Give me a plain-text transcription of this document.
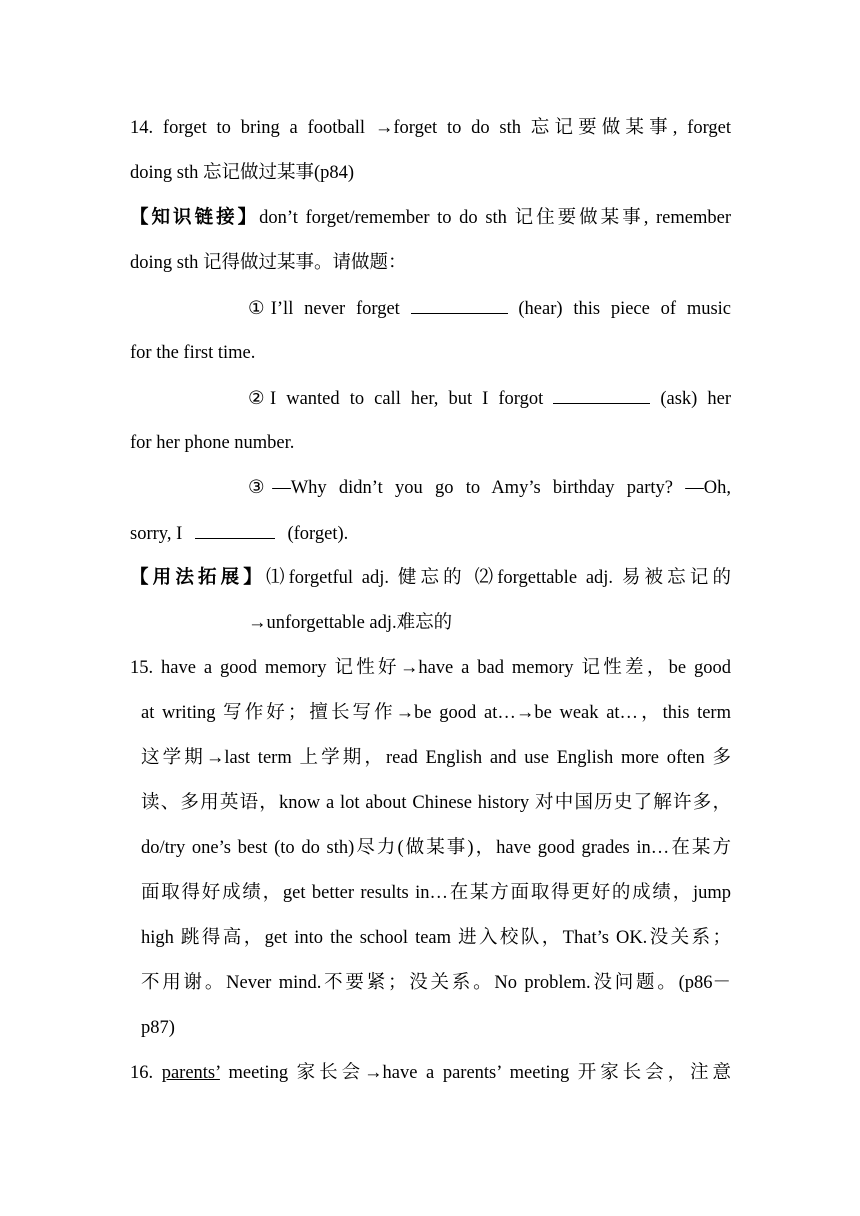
14. forget to bring a football →forget to do sth 忘记要做某事, forget
doing sth 忘记做过某事(p84)
【知识链接】don’t forget/remember to do sth 记住要做某事, remember
doing sth 记得做过某事。请做题：
①I’ll never forget	(hear) this piece of music
for the first time.
②I wanted to call her, but I forgot	(ask) her
for her phone number.
③—Why didn’t you go to Amy’s birthday party? —Oh,
sorry, I	(forget).
【用法拓展】⑴forgetful adj. 健忘的 ⑵forgettable adj. 易被忘记的
→unforgettable adj.难忘的
15. have a good memory 记性好→have a bad memory 记性差，be good
at writing 写作好；擅长写作→be good at…→be weak at…，this term
这学期→last term 上学期，read English and use English more often 多
读、多用英语，know a lot about Chinese history 对中国历史了解许多，
do/try one’s best (to do sth)尽力(做某事)，have good grades in…在某方
面取得好成绩，get better results in…在某方面取得更好的成绩，jump
high 跳得高，get into the school team 进入校队，That’s OK.没关系；
不用谢。Never mind.不要紧；没关系。No problem.没问题。(p86－
p87)
16. parents’ meeting 家长会→have a parents’ meeting 开家长会，注意
